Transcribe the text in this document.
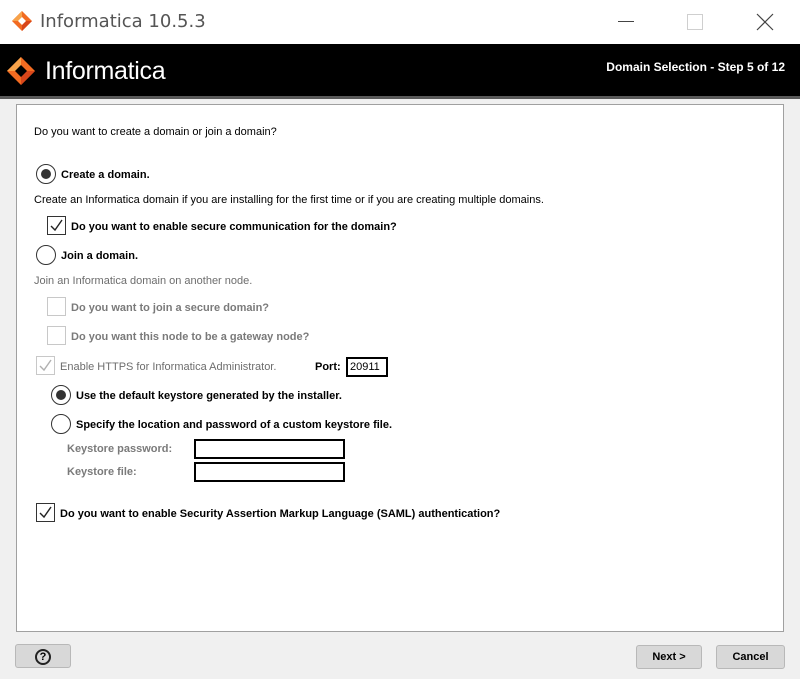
Informatica 10.5.3
Informatica	Domain Selection - Step 5 of 12
Do you want to create a domain or join a domain?
Create a domain.
Create an Informatica domain if you are installing for the first time or if you are creating multiple domains.
Do you want to enable secure communication for the domain?
Join a domain.
Join an Informatica domain on another node.
Do you want to join a secure domain?
Do you want this node to be a gateway node?
Enable HTTPS for Informatica Administrator.	Port:
20911
Use the default keystore generated by the installer.
Specify the location and password of a custom keystore file.
Keystore password:
Keystore file:
Do you want to enable Security Assertion Markup Language (SAML) authentication?
?	Next >	Cancel
